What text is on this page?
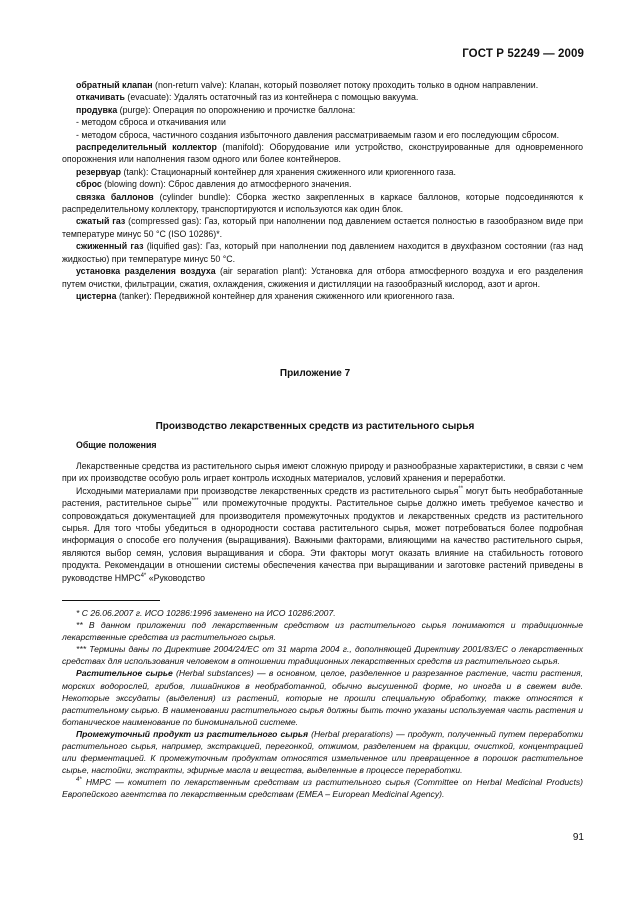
ГОСТ Р 52249 — 2009

обратный клапан (non-return valve): Клапан, который позволяет потоку проходить только в одном направлении.

откачивать (evacuate): Удалять остаточный газ из контейнера с помощью вакуума.

продувка (purge): Операция по опорожнению и прочистке баллона:

- методом сброса и откачивания или

- методом сброса, частичного создания избыточного давления рассматриваемым газом и его последующим сбросом.

распределительный коллектор (manifold): Оборудование или устройство, сконструированные для одновременного опорожнения или наполнения газом одного или более контейнеров.

резервуар (tank): Стационарный контейнер для хранения сжиженного или криогенного газа.

сброс (blowing down): Сброс давления до атмосферного значения.

связка баллонов (cylinder bundle): Сборка жестко закрепленных в каркасе баллонов, которые подсоединяются к распределительному коллектору, транспортируются и используются как один блок.

сжатый газ (compressed gas): Газ, который при наполнении под давлением остается полностью в газообразном виде при температуре минус 50 °С (ISO 10286)*.

сжиженный газ (liquified gas): Газ, который при наполнении под давлением находится в двухфазном состоянии (газ над жидкостью) при температуре минус 50 °С.

установка разделения воздуха (air separation plant): Установка для отбора атмосферного воздуха и его разделения путем очистки, фильтрации, сжатия, охлаждения, сжижения и дистилляции на газообразный кислород, азот и аргон.

цистерна (tanker): Передвижной контейнер для хранения сжиженного или криогенного газа.

Приложение 7
Производство лекарственных средств из растительного сырья
Общие положения

Лекарственные средства из растительного сырья имеют сложную природу и разнообразные характеристики, в связи с чем при их производстве особую роль играет контроль исходных материалов, условий хранения и переработки.

Исходными материалами при производстве лекарственных средств из растительного сырья** могут быть необработанные растения, растительное сырье*** или промежуточные продукты. Растительное сырье должно иметь требуемое качество и сопровождаться документацией для производителя промежуточных продуктов и лекарственных средств из растительного сырья. Для того чтобы убедиться в однородности состава растительного сырья, может потребоваться более подробная информация о способе его получения (выращивания). Важными факторами, влияющими на качество растительного сырья, являются выбор семян, условия выращивания и сбора. Эти факторы могут оказать влияние на стабильность готового продукта. Рекомендации в отношении системы обеспечения качества при выращивании и заготовке растений приведены в руководстве $НМРС^{4*}$ «Руководство

* С 26.06.2007 г. ИСО 10286:1996 заменено на ИСО 10286:2007.

** В данном приложении под лекарственным средством из растительного сырья понимаются и традиционные лекарственные средства из растительного сырья.

*** Термины даны по Директиве 2004/24/ЕС от 31 марта 2004 г., дополняющей Директиву 2001/83/ЕС о лекарственных средствах для использования человеком в отношении традиционных лекарственных средств из растительного сырья.

Растительное сырье (Herbal substances) — в основном, целое, разделенное и разрезанное растение, части растения, морских водорослей, грибов, лишайников в необработанной, обычно высушенной форме, но иногда и в свежем виде. Некоторые экссудаты (выделения) из растений, которые не прошли специальную обработку, также относятся к растительному сырью. В наименовании растительного сырья должны быть точно указаны используемая часть растения и ботаническое наименование по биноминальной системе.

Промежуточный продукт из растительного сырья (Herbal preparations) — продукт, полученный путем переработки растительного сырья, например, экстракцией, перегонкой, отжимом, разделением на фракции, очисткой, концентрацией или ферментацией. К промежуточным продуктам относятся измельченное или превращенное в порошок растительное сырье, настойки, экстракты, эфирные масла и вещества, выделенные в процессе переработки.

$^{4*}$ НМРС — комитет по лекарственным средствам из растительного сырья (Committee on Herbal Medicinal Products) Европейского агентства по лекарственным средствам (EMEA – European Medicinal Agency).

91
